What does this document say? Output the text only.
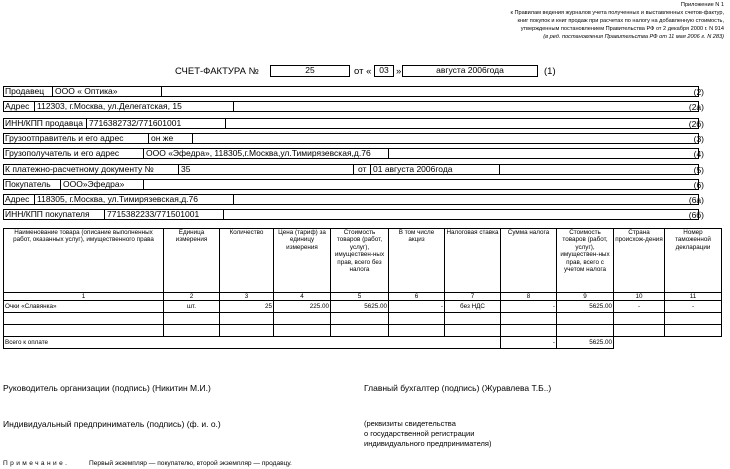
Приложение N 1
к Правилам ведения журналов учета полученных и выставленных счетов-фактур,
книг покупок и книг продаж при расчетах по налогу на добавленную стоимость,
утвержденным постановлением Правительства РФ от 2 декабря 2000 г. N 914
(в ред. постановления Правительства РФ от 11 мая 2006 г. N 283)
СЧЕТ-ФАКТУРА №	25	от « 03 »	августа 2006года	(1)
Продавец	ООО « Оптика»	(2)
Адрес 112303, г.Москва, ул.Делегатская, 15	(2а)
ИНН/КПП продавца 7716382732/771601001	(2б)
Грузоотправитель и его адрес	он же	(3)
Грузополучатель и его адрес	ООО «Эфедра», 118305,г.Москва,ул.Тимирязевская,д.76	(4)
К платежно-расчетному документу №	35	от 01 августа 2006года	(5)
Покупатель	ООО»Эфедра»	(6)
Адрес 118305, г.Москва, ул.Тимирязевская,д.76	(6а)
ИНН/КПП покупателя	7715382233/771501001	(6б)
Наименование товара (описание выполненных работ, оказанных услуг), имущественного права	Единица измерения	Количество	Цена (тариф) за единицу измерения	Стоимость товаров (работ, услуг), имуществен-ных прав, всего без налога	В том числе акциз	Налоговая ставка	Сумма налога	Стоимость товаров (работ, услуг), имуществен-ных прав, всего с учетом налога	Страна происхож-дения	Номер таможенной декларации
1	2	3	4	5	6	7	8	9	10	11
Очки «Славянка»	шт.	25	225.00	5625.00	-	без НДС	-	5625.00	-	-

Всего к оплате							-	5625.00		
Руководитель организации (подпись) (Никитин М.И.)	Главный бухгалтер (подпись) (Журавлева Т.Б..)
Индивидуальный предприниматель (подпись) (ф. и. о.)	(реквизиты свидетельства
о государственной регистрации
индивидуального предпринимателя)
Примечание.	Первый экземпляр — покупателю, второй экземпляр — продавцу.
